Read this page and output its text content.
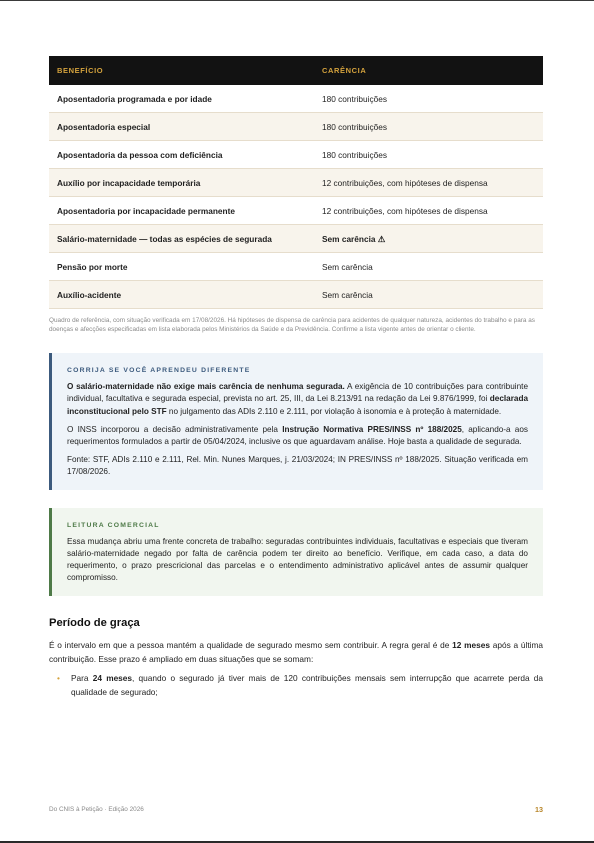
BENEFÍCIO	CARÊNCIA
Aposentadoria programada e por idade	180 contribuições
Aposentadoria especial	180 contribuições
Aposentadoria da pessoa com deficiência	180 contribuições
Auxílio por incapacidade temporária	12 contribuições, com hipóteses de dispensa
Aposentadoria por incapacidade permanente	12 contribuições, com hipóteses de dispensa
Salário-maternidade — todas as espécies de segurada	Sem carência ⚠
Pensão por morte	Sem carência
Auxílio-acidente	Sem carência
Quadro de referência, com situação verificada em 17/08/2026. Há hipóteses de dispensa de carência para acidentes de qualquer natureza, acidentes do trabalho e para as doenças e afecções especificadas em lista elaborada pelos Ministérios da Saúde e da Previdência. Confirme a lista vigente antes de orientar o cliente.
CORRIJA SE VOCÊ APRENDEU DIFERENTE

O salário-maternidade não exige mais carência de nenhuma segurada. A exigência de 10 contribuições para contribuinte individual, facultativa e segurada especial, prevista no art. 25, III, da Lei 8.213/91 na redação da Lei 9.876/1999, foi declarada inconstitucional pelo STF no julgamento das ADIs 2.110 e 2.111, por violação à isonomia e à proteção à maternidade.

O INSS incorporou a decisão administrativamente pela Instrução Normativa PRES/INSS nº 188/2025, aplicando-a aos requerimentos formulados a partir de 05/04/2024, inclusive os que aguardavam análise. Hoje basta a qualidade de segurada.

Fonte: STF, ADIs 2.110 e 2.111, Rel. Min. Nunes Marques, j. 21/03/2024; IN PRES/INSS nº 188/2025. Situação verificada em 17/08/2026.

LEITURA COMERCIAL

Essa mudança abriu uma frente concreta de trabalho: seguradas contribuintes individuais, facultativas e especiais que tiveram salário-maternidade negado por falta de carência podem ter direito ao benefício. Verifique, em cada caso, a data do requerimento, o prazo prescricional das parcelas e o entendimento administrativo aplicável antes de assumir qualquer compromisso.

Período de graça
É o intervalo em que a pessoa mantém a qualidade de segurado mesmo sem contribuir. A regra geral é de 12 meses após a última contribuição. Esse prazo é ampliado em duas situações que se somam:
• Para 24 meses, quando o segurado já tiver mais de 120 contribuições mensais sem interrupção que acarrete perda da qualidade de segurado;
Do CNIS à Petição · Edição 2026	13
